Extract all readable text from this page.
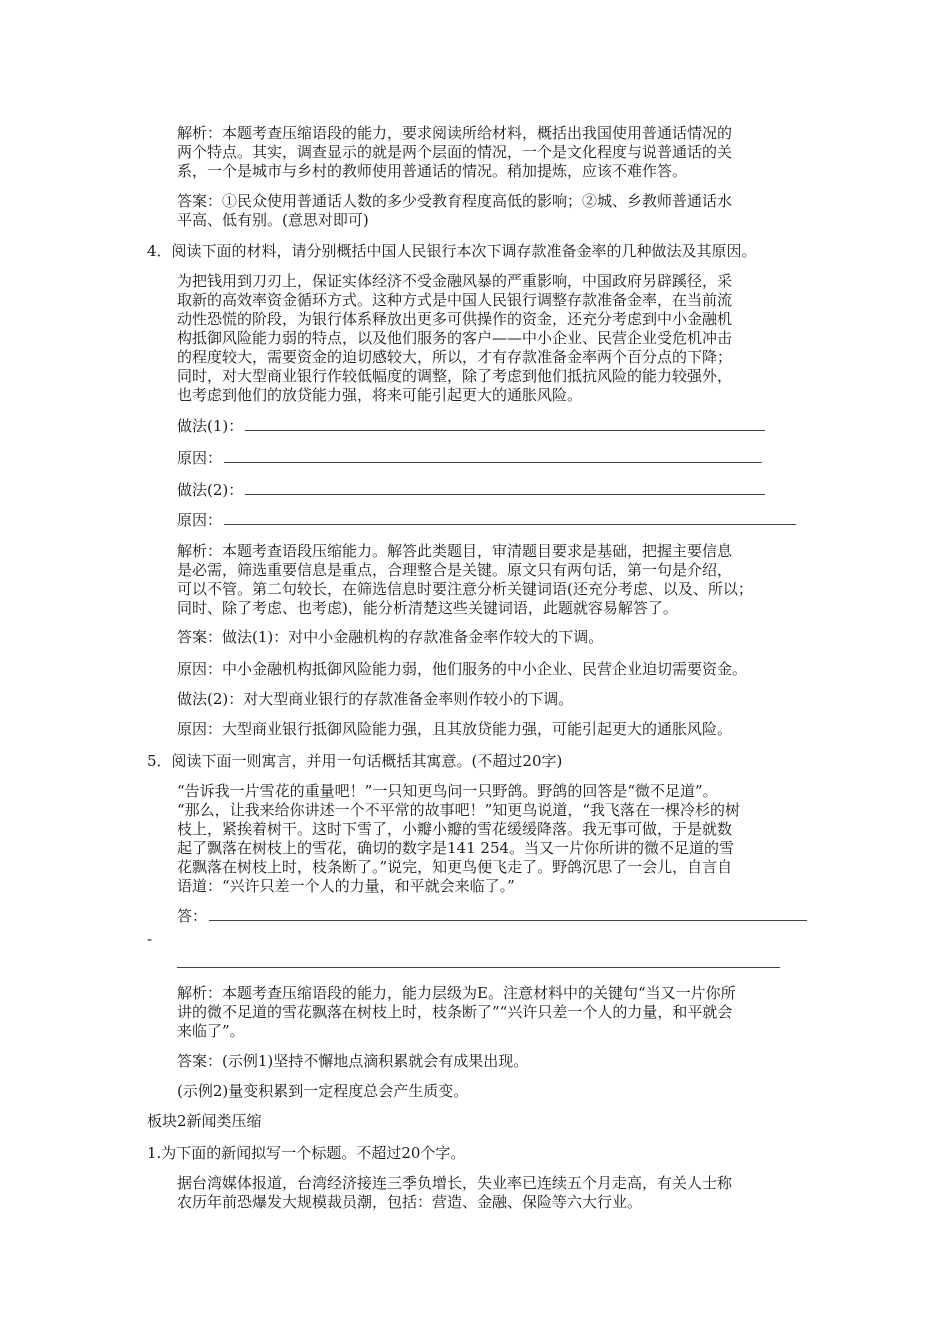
解析：本题考查压缩语段的能力，要求阅读所给材料，概括出我国使用普通话情况的
两个特点。其实，调查显示的就是两个层面的情况，一个是文化程度与说普通话的关
系，一个是城市与乡村的教师使用普通话的情况。稍加提炼，应该不难作答。

答案：①民众使用普通话人数的多少受教育程度高低的影响；②城、乡教师普通话水
平高、低有别。(意思对即可)

4．阅读下面的材料，请分别概括中国人民银行本次下调存款准备金率的几种做法及其原因。

为把钱用到刀刃上，保证实体经济不受金融风暴的严重影响，中国政府另辟蹊径，采
取新的高效率资金循环方式。这种方式是中国人民银行调整存款准备金率，在当前流
动性恐慌的阶段，为银行体系释放出更多可供操作的资金，还充分考虑到中小金融机
构抵御风险能力弱的特点，以及他们服务的客户——中小企业、民营企业受危机冲击
的程度较大，需要资金的迫切感较大，所以，才有存款准备金率两个百分点的下降；
同时，对大型商业银行作较低幅度的调整，除了考虑到他们抵抗风险的能力较强外，
也考虑到他们的放贷能力强，将来可能引起更大的通胀风险。

做法(1)：
原因：
做法(2)：
原因：

解析：本题考查语段压缩能力。解答此类题目，审清题目要求是基础，把握主要信息
是必需，筛选重要信息是重点，合理整合是关键。原文只有两句话，第一句是介绍，
可以不管。第二句较长，在筛选信息时要注意分析关键词语(还充分考虑、以及、所以；
同时、除了考虑、也考虑)，能分析清楚这些关键词语，此题就容易解答了。

答案：做法(1)：对中小金融机构的存款准备金率作较大的下调。

原因：中小金融机构抵御风险能力弱，他们服务的中小企业、民营企业迫切需要资金。

做法(2)：对大型商业银行的存款准备金率则作较小的下调。

原因：大型商业银行抵御风险能力强，且其放贷能力强，可能引起更大的通胀风险。

5．阅读下面一则寓言，并用一句话概括其寓意。(不超过20字)

“告诉我一片雪花的重量吧！”一只知更鸟问一只野鸽。野鸽的回答是“微不足道”。
“那么，让我来给你讲述一个不平常的故事吧！”知更鸟说道，“我飞落在一棵冷杉的树
枝上，紧挨着树干。这时下雪了，小瓣小瓣的雪花缓缓降落。我无事可做，于是就数
起了飘落在树枝上的雪花，确切的数字是141 254。当又一片你所讲的微不足道的雪
花飘落在树枝上时，枝条断了。”说完，知更鸟便飞走了。野鸽沉思了一会儿，自言自
语道：“兴许只差一个人的力量，和平就会来临了。”

答：
-

解析：本题考查压缩语段的能力，能力层级为E。注意材料中的关键句“当又一片你所
讲的微不足道的雪花飘落在树枝上时，枝条断了”“兴许只差一个人的力量，和平就会
来临了”。

答案：(示例1)坚持不懈地点滴积累就会有成果出现。

(示例2)量变积累到一定程度总会产生质变。

板块2新闻类压缩

1.为下面的新闻拟写一个标题。不超过20个字。

据台湾媒体报道，台湾经济接连三季负增长，失业率已连续五个月走高，有关人士称
农历年前恐爆发大规模裁员潮，包括：营造、金融、保险等六大行业。
